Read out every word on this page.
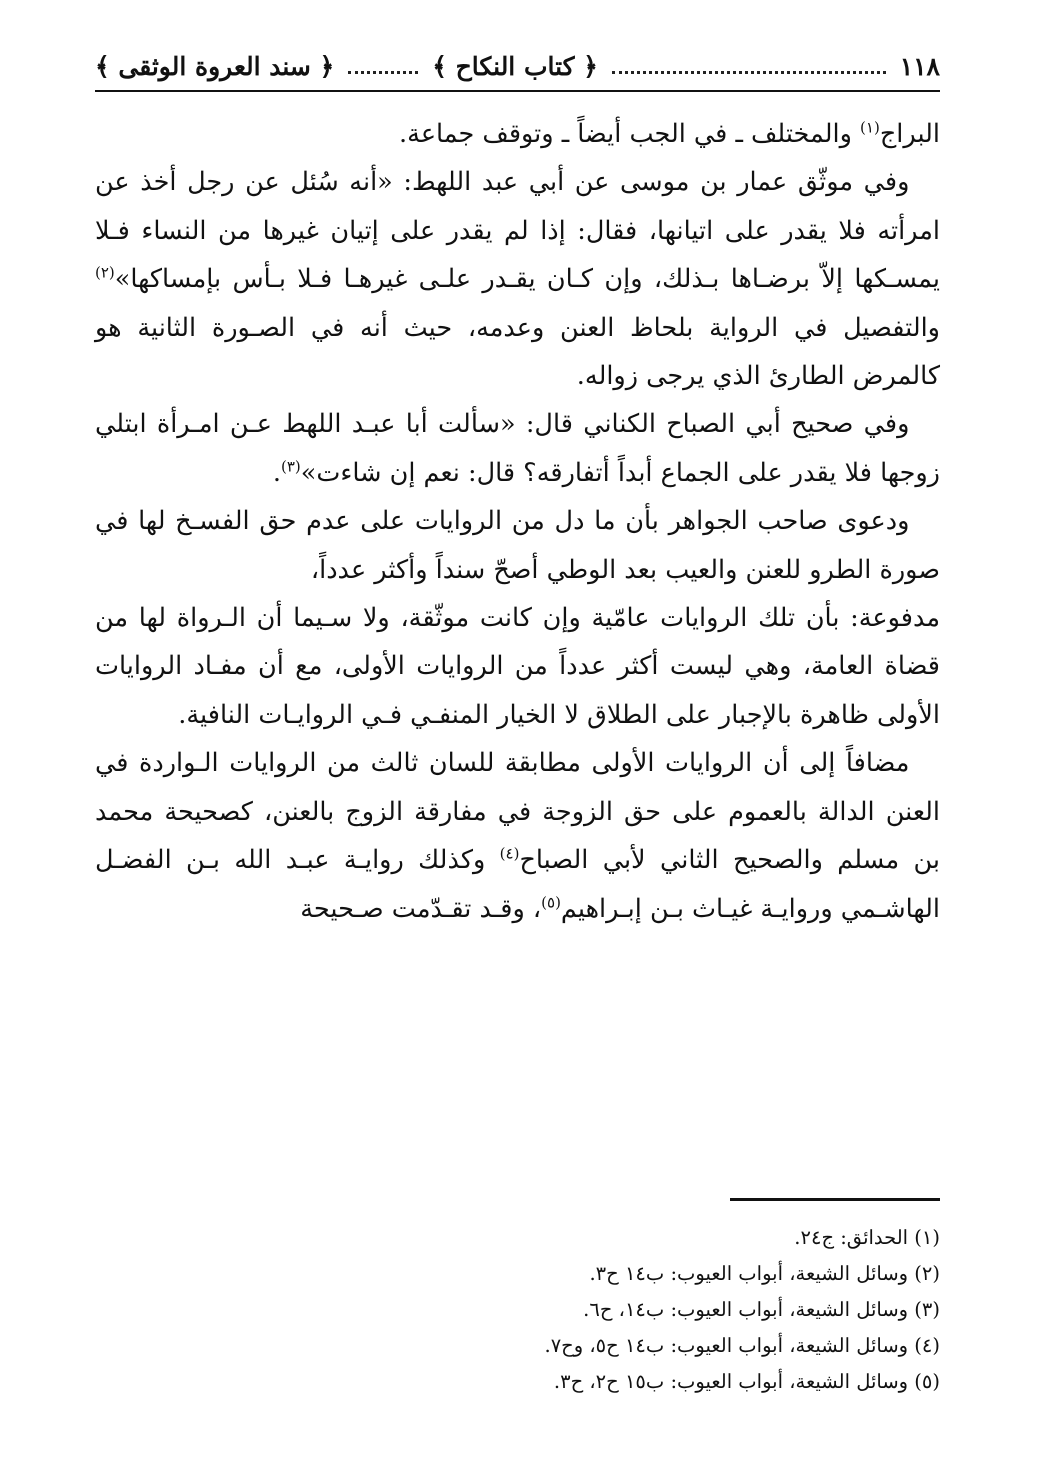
١١٨
﴿ كتاب النكاح ﴾
﴿ سند العروة الوثقى ﴾

البراج$^{(١)}$ والمختلف ـ في الجب أيضاً ـ وتوقف جماعة.

وفي موثّق عمار بن موسى عن أبي عبد اللهط: «أنه سُئل عن رجل أخذ عن امرأته فلا يقدر على اتيانها، فقال: إذا لم يقدر على إتيان غيرها من النساء فـلا يمسـكها إلاّ برضـاها بـذلك، وإن كـان يقـدر علـى غيرهـا فـلا بـأس بإمساكها»$^{(٢)}$ والتفصيل في الرواية بلحاظ العنن وعدمه، حيث أنه في الصـورة الثانية هو كالمرض الطارئ الذي يرجى زواله.

وفي صحيح أبي الصباح الكناني قال: «سألت أبا عبـد اللهط عـن امـرأة ابتلي زوجها فلا يقدر على الجماع أبداً أتفارقه؟ قال: نعم إن شاءت»$^{(٣)}$.

ودعوى صاحب الجواهر بأن ما دل من الروايات على عدم حق الفسـخ لها في صورة الطرو للعنن والعيب بعد الوطي أصحّ سنداً وأكثر عدداً،

مدفوعة: بأن تلك الروايات عامّية وإن كانت موثّقة، ولا سـيما أن الـرواة لها من قضاة العامة، وهي ليست أكثر عدداً من الروايات الأولى، مع أن مفـاد الروايات الأولى ظاهرة بالإجبار على الطلاق لا الخيار المنفـي فـي الروايـات النافية.

مضافاً إلى أن الروايات الأولى مطابقة للسان ثالث من الروايات الـواردة في العنن الدالة بالعموم على حق الزوجة في مفارقة الزوج بالعنن، كصحيحة محمد بن مسلم والصحيح الثاني لأبي الصباح$^{(٤)}$ وكذلك روايـة عبـد الله بـن الفضـل الهاشـمي وروايـة غيـاث بـن إبـراهيم$^{(٥)}$، وقـد تقـدّمت صـحيحة

(١) الحدائق: ج٢٤.

(٢) وسائل الشيعة، أبواب العيوب: ب١٤ ح٣.

(٣) وسائل الشيعة، أبواب العيوب: ب١٤، ح٦.

(٤) وسائل الشيعة، أبواب العيوب: ب١٤ ح٥، وح٧.

(٥) وسائل الشيعة، أبواب العيوب: ب١٥ ح٢، ح٣.
